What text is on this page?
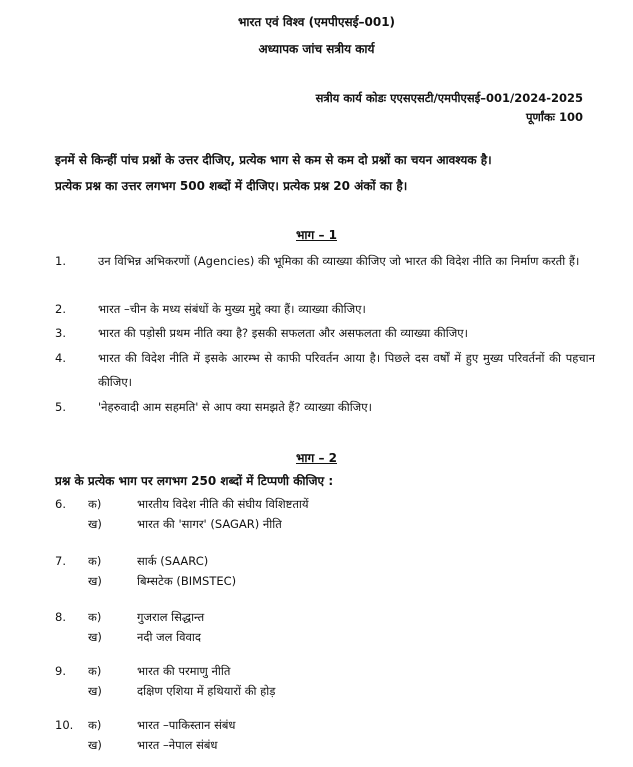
भारत एवं विश्व (एमपीएसई–001)
अध्यापक जांच सत्रीय कार्य
सत्रीय कार्य कोडः एएसएसटी/एमपीएसई–001/2024-2025
पूर्णांकः 100
इनमें से किन्हीं पांच प्रश्नों के उत्तर दीजिए, प्रत्येक भाग से कम से कम दो प्रश्नों का चयन आवश्यक है।
प्रत्येक प्रश्न का उत्तर लगभग 500 शब्दों में दीजिए। प्रत्येक प्रश्न 20 अंकों का है।
भाग – 1
1.	उन विभिन्न अभिकरणों (Agencies) की भूमिका की व्याख्या कीजिए जो भारत की विदेश नीति का निर्माण करती हैं।
2.	भारत –चीन के मध्य संबंधों के मुख्य मुद्दे क्या हैं। व्याख्या कीजिए।
3.	भारत की पड़ोसी प्रथम नीति क्या है? इसकी सफलता और असफलता की व्याख्या कीजिए।
4.	भारत की विदेश नीति में इसके आरम्भ से काफी परिवर्तन आया है। पिछले दस वर्षों में हुए मुख्य परिवर्तनों की पहचान कीजिए।
5.	'नेहरुवादी आम सहमति' से आप क्या समझते हैं? व्याख्या कीजिए।
भाग – 2
प्रश्न के प्रत्येक भाग पर लगभग 250 शब्दों में टिप्पणी कीजिए :
6. क)	भारतीय विदेश नीति की संघीय विशिष्टतायें
ख)	भारत की 'सागर' (SAGAR) नीति
7. क)	सार्क (SAARC)
ख)	बिम्सटेक (BIMSTEC)
8. क)	गुजराल सिद्धान्त
ख)	नदी जल विवाद
9. क)	भारत की परमाणु नीति
ख)	दक्षिण एशिया में हथियारों की होड़
10. क)	भारत –पाकिस्तान संबंध
ख)	भारत –नेपाल संबंध
